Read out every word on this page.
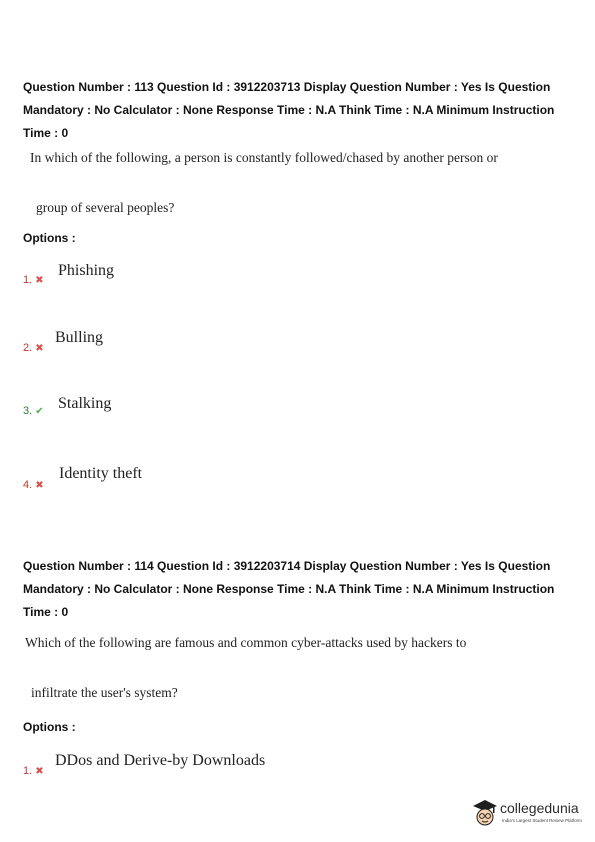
Question Number : 113 Question Id : 3912203713 Display Question Number : Yes Is Question

Mandatory : No Calculator : None Response Time : N.A Think Time : N.A Minimum Instruction

Time : 0

In which of the following, a person is constantly followed/chased by another person or

group of several peoples?

Options :

1. ✖
Phishing
2. ✖
Bulling
3. ✔ Stalking
4. ✖
Identity theft

Question Number : 114 Question Id : 3912203714 Display Question Number : Yes Is Question

Mandatory : No Calculator : None Response Time : N.A Think Time : N.A Minimum Instruction

Time : 0

Which of the following are famous and common cyber-attacks used by hackers to

infiltrate the user's system?

Options :

1. ✖
DDos and Derive-by Downloads
collegedunia
India's Largest Student Review Platform
